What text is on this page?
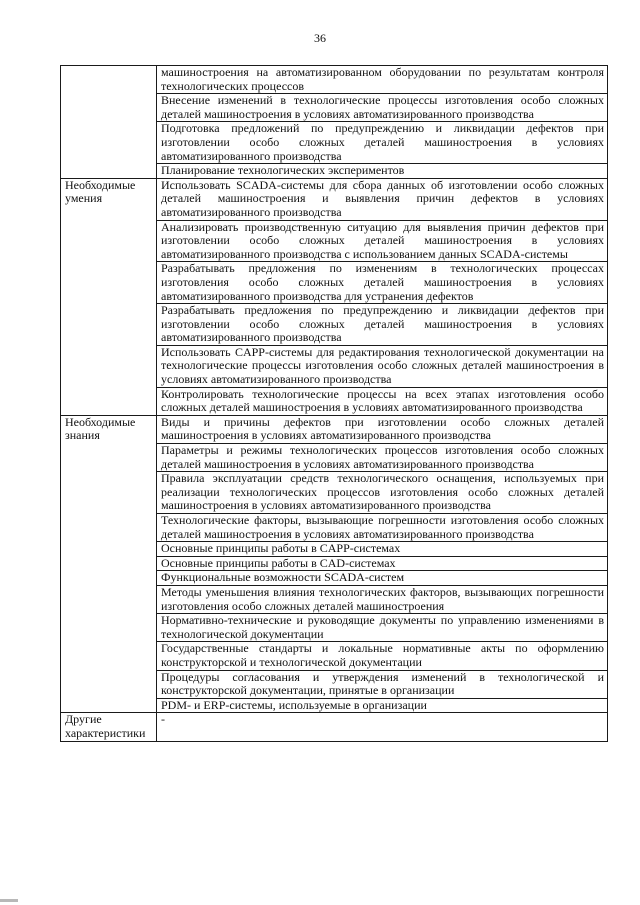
36
	машиностроения на автоматизированном оборудовании по результатам контроля технологических процессов
	Внесение изменений в технологические процессы изготовления особо сложных деталей машиностроения в условиях автоматизированного производства
	Подготовка предложений по предупреждению и ликвидации дефектов при изготовлении особо сложных деталей машиностроения в условиях автоматизированного производства
	Планирование технологических экспериментов
Необходимые умения	Использовать SCADA-системы для сбора данных об изготовлении особо сложных деталей машиностроения и выявления причин дефектов в условиях автоматизированного производства
	Анализировать производственную ситуацию для выявления причин дефектов при изготовлении особо сложных деталей машиностроения в условиях автоматизированного производства с использованием данных SCADA-системы
	Разрабатывать предложения по изменениям в технологических процессах изготовления особо сложных деталей машиностроения в условиях автоматизированного производства для устранения дефектов
	Разрабатывать предложения по предупреждению и ликвидации дефектов при изготовлении особо сложных деталей машиностроения в условиях автоматизированного производства
	Использовать CAPP-системы для редактирования технологической документации на технологические процессы изготовления особо сложных деталей машиностроения в условиях автоматизированного производства
	Контролировать технологические процессы на всех этапах изготовления особо сложных деталей машиностроения в условиях автоматизированного производства
Необходимые знания	Виды и причины дефектов при изготовлении особо сложных деталей машиностроения в условиях автоматизированного производства
	Параметры и режимы технологических процессов изготовления особо сложных деталей машиностроения в условиях автоматизированного производства
	Правила эксплуатации средств технологического оснащения, используемых при реализации технологических процессов изготовления особо сложных деталей машиностроения в условиях автоматизированного производства
	Технологические факторы, вызывающие погрешности изготовления особо сложных деталей машиностроения в условиях автоматизированного производства
	Основные принципы работы в CAPP-системах
	Основные принципы работы в CAD-системах
	Функциональные возможности SCADA-систем
	Методы уменьшения влияния технологических факторов, вызывающих погрешности изготовления особо сложных деталей машиностроения
	Нормативно-технические и руководящие документы по управлению изменениями в технологической документации
	Государственные стандарты и локальные нормативные акты по оформлению конструкторской и технологической документации
	Процедуры согласования и утверждения изменений в технологической и конструкторской документации, принятые в организации
	PDM- и ERP-системы, используемые в организации
Другие характеристики	-
